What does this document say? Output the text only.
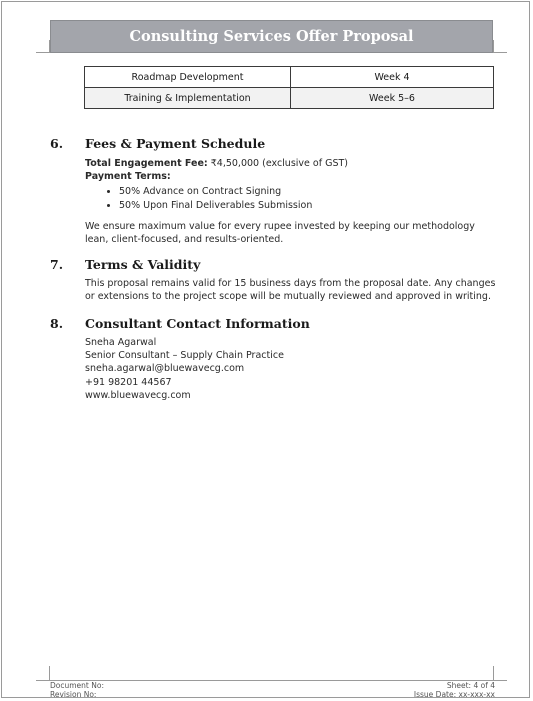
Consulting Services Offer Proposal
Roadmap Development	Week 4
Training & Implementation	Week 5–6
6.	Fees & Payment Schedule

Total Engagement Fee: ₹4,50,000 (exclusive of GST)

Payment Terms:

• 50% Advance on Contract Signing
• 50% Upon Final Deliverables Submission

We ensure maximum value for every rupee invested by keeping our methodology lean, client-focused, and results-oriented.

7.	Terms & Validity

This proposal remains valid for 15 business days from the proposal date. Any changes or extensions to the project scope will be mutually reviewed and approved in writing.

8.	Consultant Contact Information

Sneha Agarwal

Senior Consultant – Supply Chain Practice

sneha.agarwal@bluewavecg.com

+91 98201 44567

www.bluewavecg.com

Document No:	Sheet: 4 of 4
Revision No:	Issue Date: xx-xxx-xx
